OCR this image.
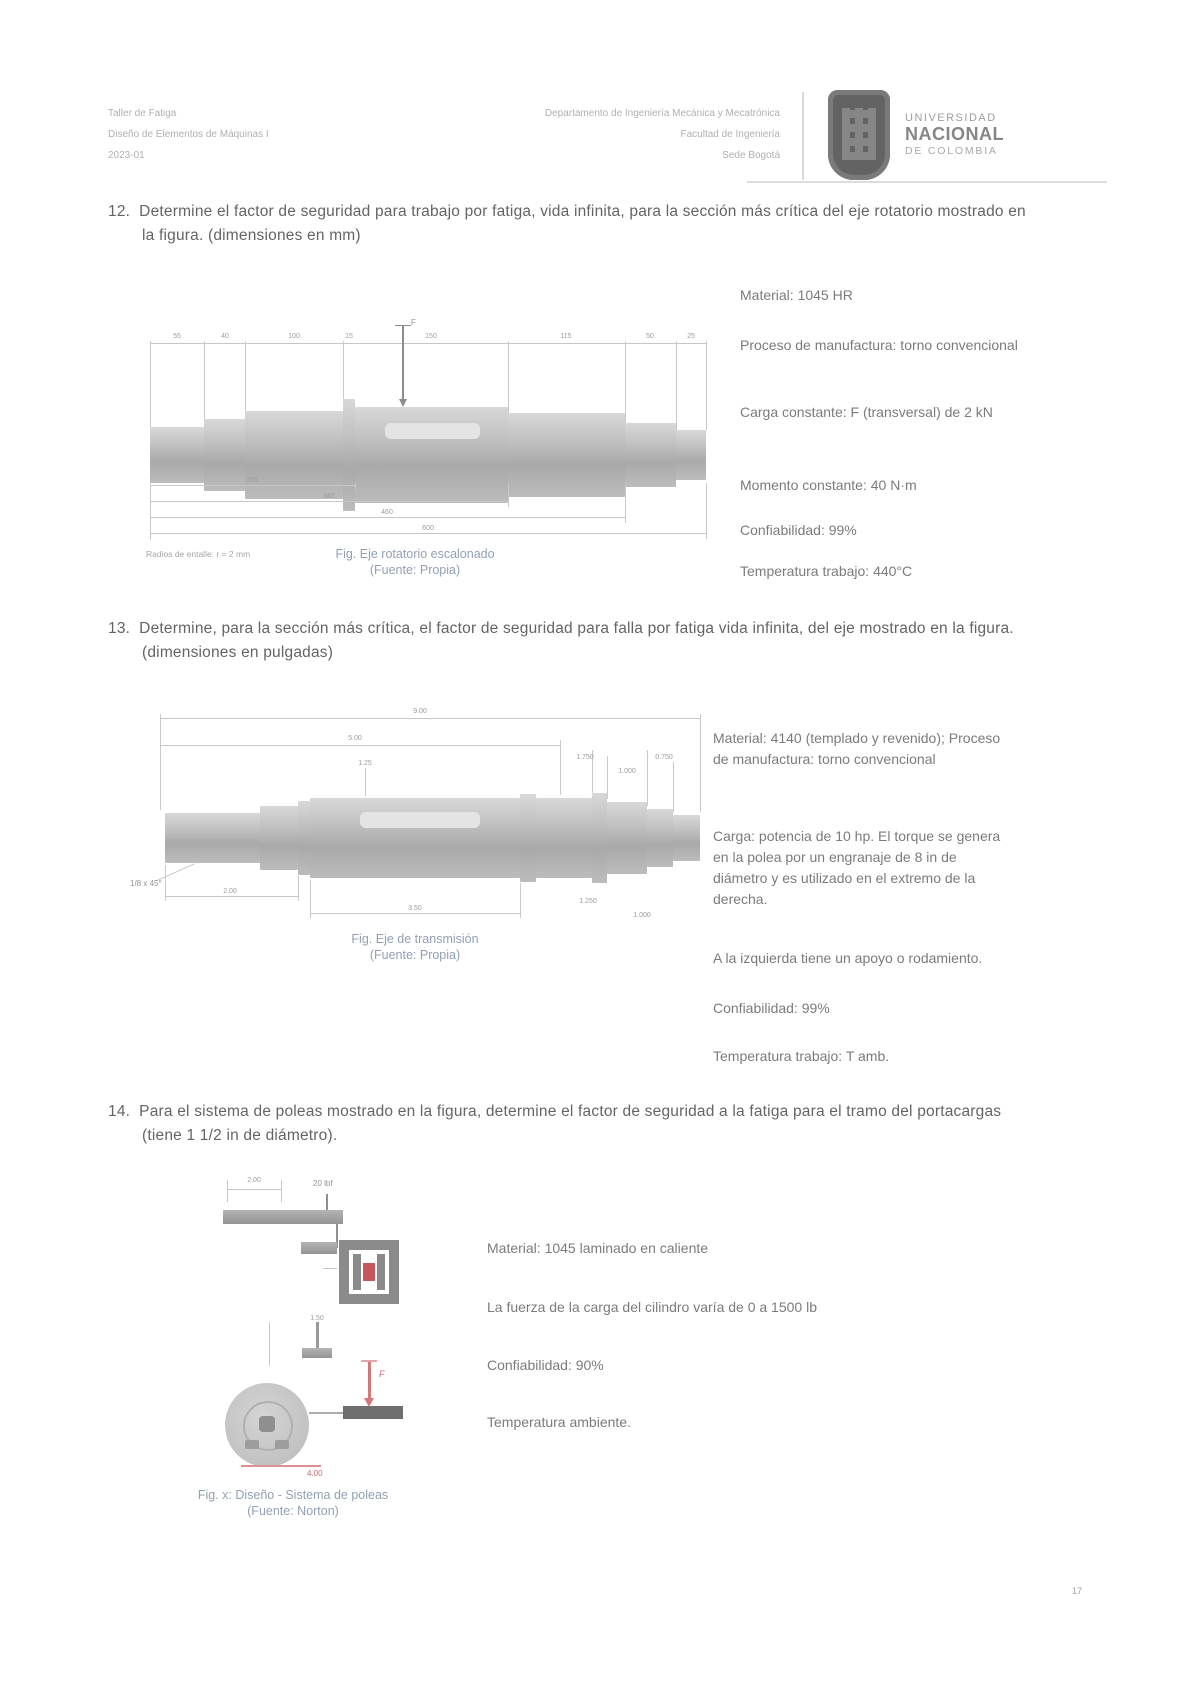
Taller de Fatiga
Diseño de Elementos de Máquinas I
2023-01
Departamento de Ingeniería Mecánica y Mecatrónica
Facultad de Ingeniería
Sede Bogotá
UNIVERSIDAD
NACIONAL
DE COLOMBIA
12. Determine el factor de seguridad para trabajo por fatiga, vida infinita, para la sección más crítica del eje rotatorio mostrado en la figura. (dimensiones en mm)
55	40	100	15	150	115	50	25
F
195
345
460
600
Radios de entalle: r = 2 mm	Fig. Eje rotatorio escalonado
(Fuente: Propia)
Material: 1045 HR
Proceso de manufactura: torno convencional
Carga constante: F (transversal) de 2 kN
Momento constante: 40 N·m
Confiabilidad: 99%
Temperatura trabajo: 440°C
13. Determine, para la sección más crítica, el factor de seguridad para falla por fatiga vida infinita, del eje mostrado en la figura. (dimensiones en pulgadas)
9.00
5.00
1.750
1.000
0.750
1.25
1/8 x 45°
2.00
3.50
1.250
1.000
Fig. Eje de transmisión
(Fuente: Propia)
Material: 4140 (templado y revenido); Proceso de manufactura: torno convencional
Carga: potencia de 10 hp. El torque se genera en la polea por un engranaje de 8 in de diámetro y es utilizado en el extremo de la derecha.
A la izquierda tiene un apoyo o rodamiento.
Confiabilidad: 99%
Temperatura trabajo: T amb.
14. Para el sistema de poleas mostrado en la figura, determine el factor de seguridad a la fatiga para el tramo del portacargas (tiene 1 1/2 in de diámetro).
2.00	20 lbf
1.50
F
4.00
Fig. x: Diseño - Sistema de poleas
(Fuente: Norton)
Material: 1045 laminado en caliente
La fuerza de la carga del cilindro varía de 0 a 1500 lb
Confiabilidad: 90%
Temperatura ambiente.
17
